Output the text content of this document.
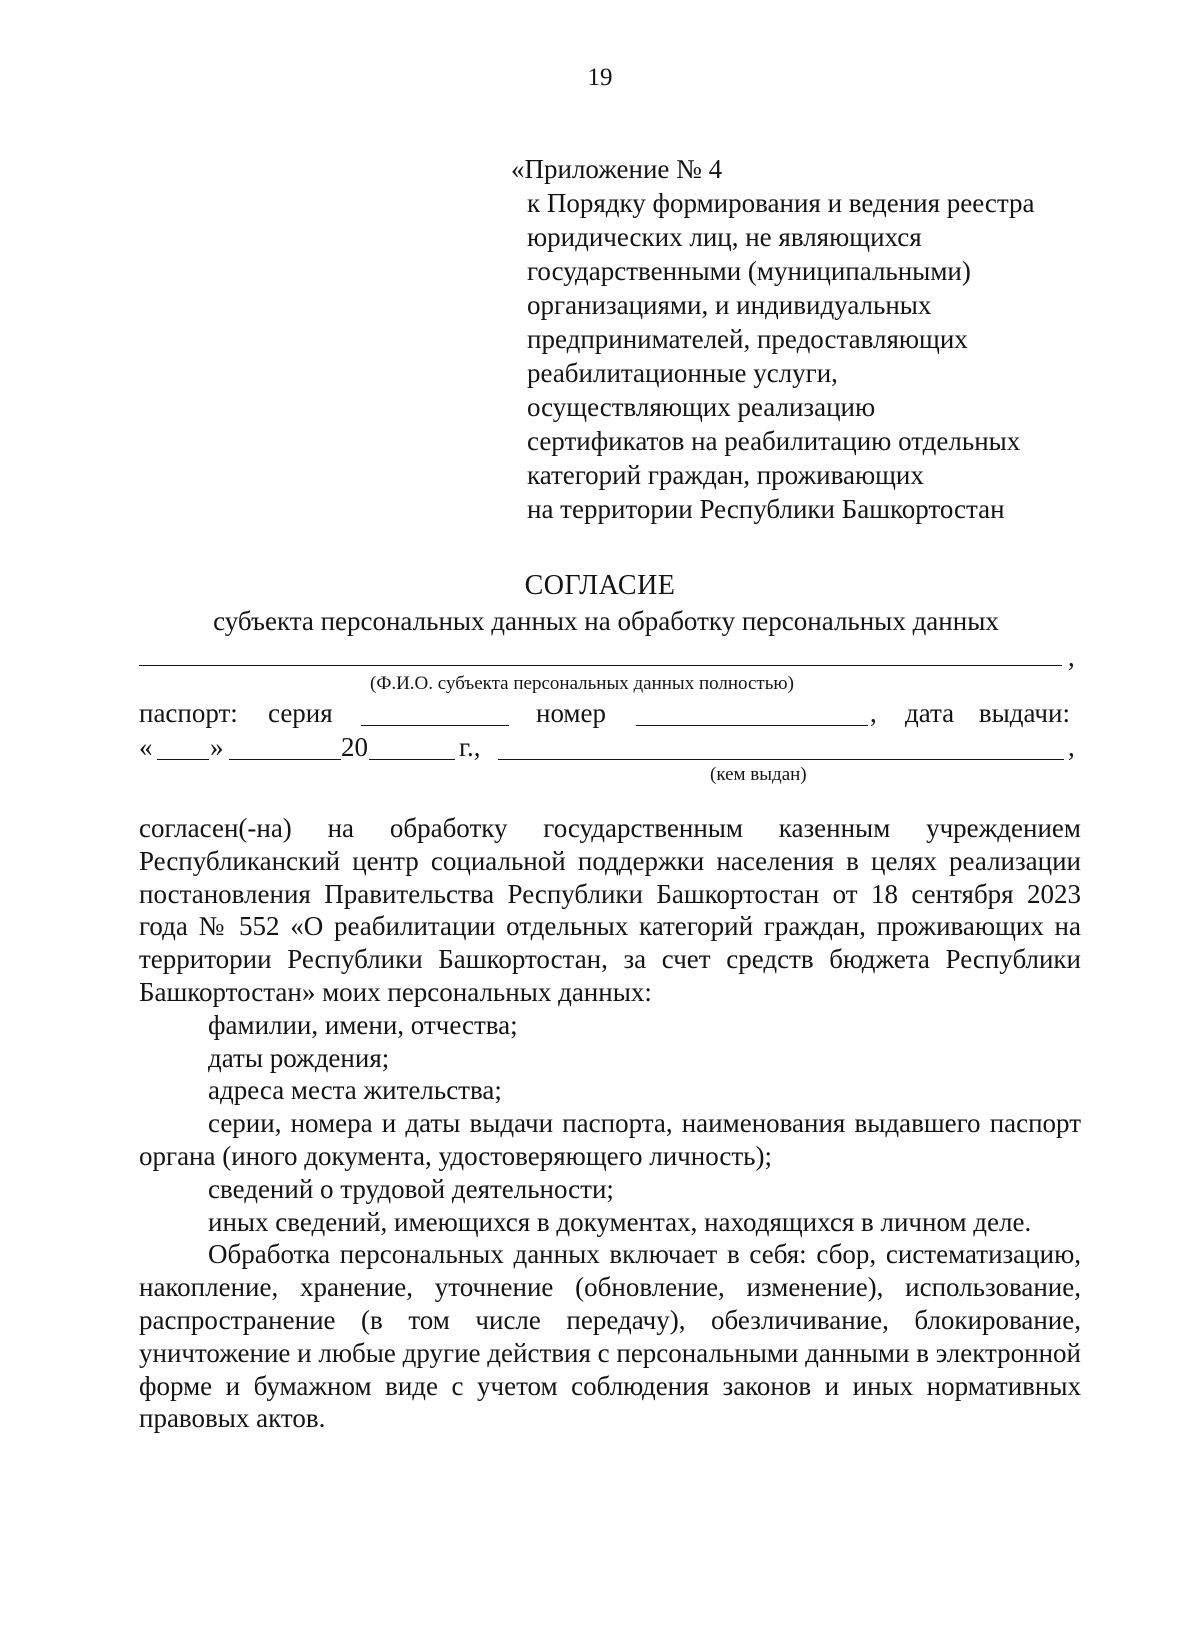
19
«Приложение № 4
к Порядку формирования и ведения реестра
юридических лиц, не являющихся
государственными (муниципальными)
организациями, и индивидуальных
предпринимателей, предоставляющих
реабилитационные услуги,
осуществляющих реализацию
сертификатов на реабилитацию отдельных
категорий граждан, проживающих
на территории Республики Башкортостан
СОГЛАСИЕ
субъекта персональных данных на обработку персональных данных
,
(Ф.И.О. субъекта персональных данных полностью)
паспорт: серия	номер	, дата выдачи:
« »	20	г.,	,
(кем выдан)

согласен(-на) на обработку государственным казенным учреждением Республиканский центр социальной поддержки населения в целях реализации постановления Правительства Республики Башкортостан от 18 сентября 2023 года № 552 «О реабилитации отдельных категорий граждан, проживающих на территории Республики Башкортостан, за счет средств бюджета Республики Башкортостан» моих персональных данных:

фамилии, имени, отчества;

даты рождения;

адреса места жительства;

серии, номера и даты выдачи паспорта, наименования выдавшего паспорт органа (иного документа, удостоверяющего личность);

сведений о трудовой деятельности;

иных сведений, имеющихся в документах, находящихся в личном деле.

Обработка персональных данных включает в себя: сбор, систематизацию, накопление, хранение, уточнение (обновление, изменение), использование, распространение (в том числе передачу), обезличивание, блокирование, уничтожение и любые другие действия с персональными данными в электронной форме и бумажном виде с учетом соблюдения законов и иных нормативных правовых актов.
